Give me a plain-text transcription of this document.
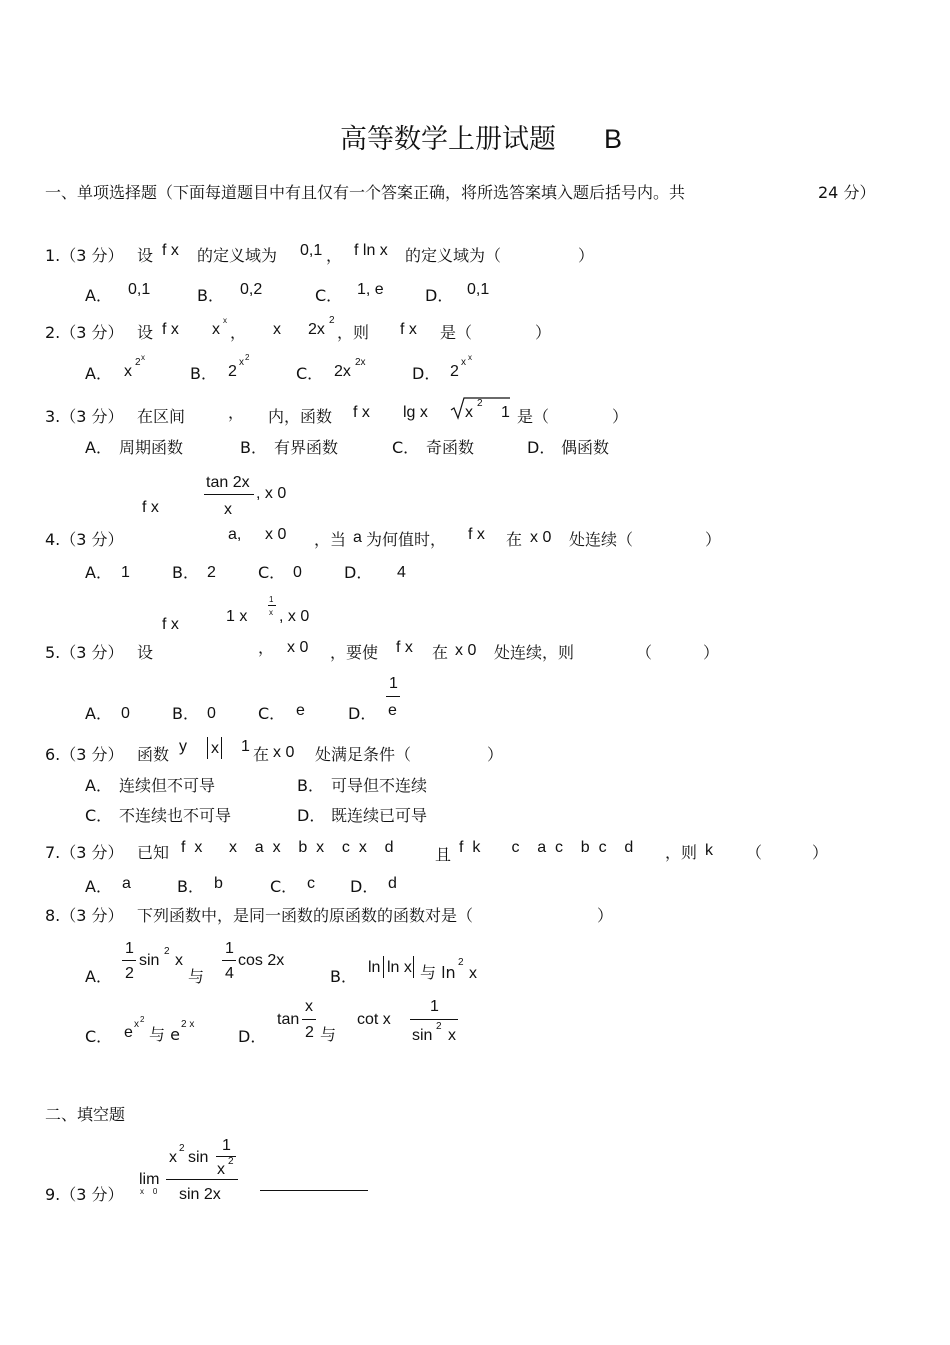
高等数学上册试题 B
一、单项选择题（下面每道题目中有且仅有一个答案正确，将所选答案填入题后括号内。共	24 分）
1.（3 分） 设 f x 的定义域为 0,1 ， f ln x 的定义域为（	）
A． 0,1	B． 0,2	C． 1, e	D． 0,1
2.（3 分） 设 f x x
x
， x 2x
2
，则 f x 是（	）
A． x
2 x
B． 2
x 2
C． 2x
2x
D． 2
x x
3.（3 分） 在区间	， 内，函数 f x lg x x
2
1 是（	）
A． 周期函数	B． 有界函数	C． 奇函数	D． 偶函数
tan 2x
x
, x 0
f x
4.（3 分）	a, x 0 ，当 a 为何值时， f x 在 x 0 处连续（	）
A． 1	B． 2	C． 0	D． 4
1 x
1
x , x 0
f x
5.（3 分） 设	， x 0 ，要使 f x 在 x 0 处连续，则	（	）
A． 0	B． 0	C． e	D．
1
e
6.（3 分） 函数 y x 1 在 x 0 处满足条件（	）
A． 连续但不可导	B． 可导但不连续
C． 不连续也不可导	D． 既连续已可导
7.（3 分） 已知 f  x      x    a  x    b  x    c  x    d	且 f  k       c    a  c    b  c    d ，则 k （	）
A． a	B． b	C． c D． d
8.（3 分） 下列函数中，是同一函数的原函数的函数对是（	）
A．
1
2
sin
2
x
与
1
4
cos 2x
B． ln ln x 与 ln
2
x
C． e x 2
与 e
2 x
D．
tan
x
2 与
cot x
1
sin
2
x
二、填空题
9.（3 分）
lim
x    0
x
2
sin
1
x 2
sin 2x
